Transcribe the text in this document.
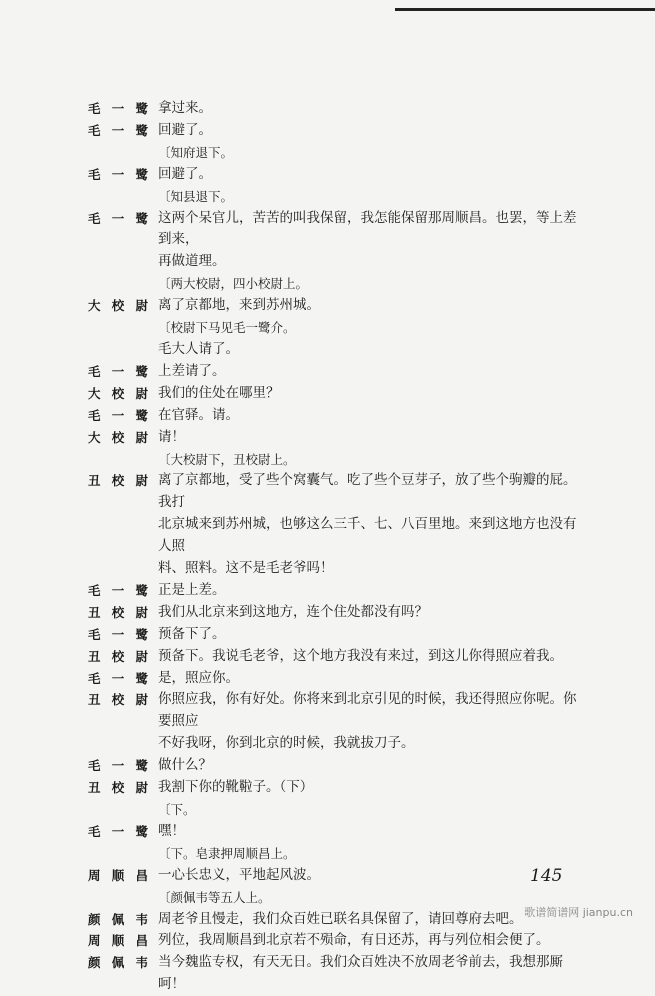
毛一鹭 拿过来。
毛一鹭 回避了。
〔知府退下。
毛一鹭 回避了。
〔知县退下。
毛一鹭 这两个呆官儿，苦苦的叫我保留，我怎能保留那周顺昌。也罢，等上差到来，
再做道理。
〔两大校尉，四小校尉上。
大校尉 离了京都地，来到苏州城。
〔校尉下马见毛一鹭介。
毛大人请了。
毛一鹭 上差请了。
大校尉 我们的住处在哪里？
毛一鹭 在官驿。请。
大校尉 请！
〔大校尉下，丑校尉上。
丑校尉 离了京都地，受了些个窝囊气。吃了些个豆芽子，放了些个驹瓣的屁。我打
北京城来到苏州城，也够这么三千、七、八百里地。来到这地方也没有人照
料、照料。这不是毛老爷吗！
毛一鹭 正是上差。
丑校尉 我们从北京来到这地方，连个住处都没有吗？
毛一鹭 预备下了。
丑校尉 预备下。我说毛老爷，这个地方我没有来过，到这儿你得照应着我。
毛一鹭 是，照应你。
丑校尉 你照应我，你有好处。你将来到北京引见的时候，我还得照应你呢。你要照应
不好我呀，你到北京的时候，我就拔刀子。
毛一鹭 做什么？
丑校尉 我割下你的靴鞡子。（下）
〔下。
毛一鹭 嘿！
〔下。皂隶押周顺昌上。
周顺昌 一心长忠义，平地起风波。
〔颜佩韦等五人上。
颜佩韦 周老爷且慢走，我们众百姓已联名具保留了，请回尊府去吧。
周顺昌 列位，我周顺昌到北京若不殒命，有日还苏，再与列位相会便了。
颜佩韦 当今魏监专权，有天无日。我们众百姓决不放周老爷前去，我想那厮呵！
145
歌谱简谱网 jianpu.cn
